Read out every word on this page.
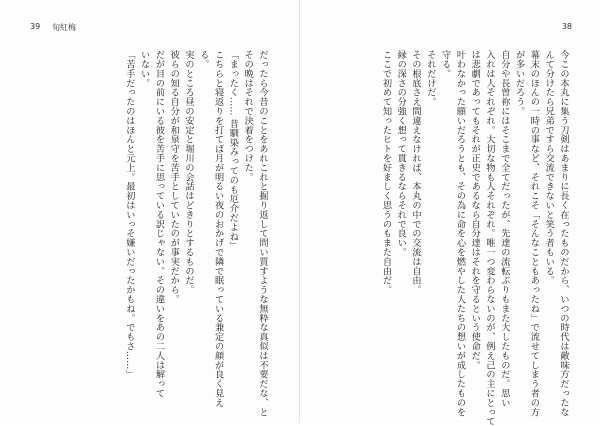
39 旬紅梅
だったら今昔のことをあれこれと掘り返して問い質すような無粋な真似は不要だな、と
その晩はそれで決着をつけた。
「まったく…… 昔馴染みってのも厄介だよね」
こちらと寝返りを打てば月が明るい夜のおかげで隣で眠っている兼定の顔が良く見え
る。
実のところ昼の安定と堀川の会話はどきりとするものだ。
彼らの知る自分が和泉守を苦手としていたのが事実だから。
だが目の前にいる彼を苦手に思っている訳じゃない。その違いをあの二人は解って
いない。
「苦手だったのはほんと元上。最初はいっそ嫌いだったかもね。でもさ……」
38
今この本丸に集う刀剣はあまりに長く在ったものだから、いつの時代は敵味方だったな
んて分けたら兄弟ですら交流できないと笑う者もいる。
幕末のほんの一時の事など、それこそ「そんなこともあったね」で流せてしまう者の方
が多いだろう。
自分や長曽祢にはそこまで全てだったが、先達の流転ぶりもまた大したものだ。思い
入れは人それぞれ。大切な物も人それぞれ。唯一つ変わらないのが、例え己の主にとって
は悲劇であってもそれが正史であるなら自分達はそれを守るという使命だ。
叶わなかった願いだろうとも、その為に命を心を燃やした人たちの想いが成したものを
守る。
それだけだ。
その根底さえ間違えなければ、本丸の中での交流は自由。
縁の深さの分強く想って貫きるならそれで良い。
ここで初めて知ったヒトを好ましく思うのもまた自由だ。
